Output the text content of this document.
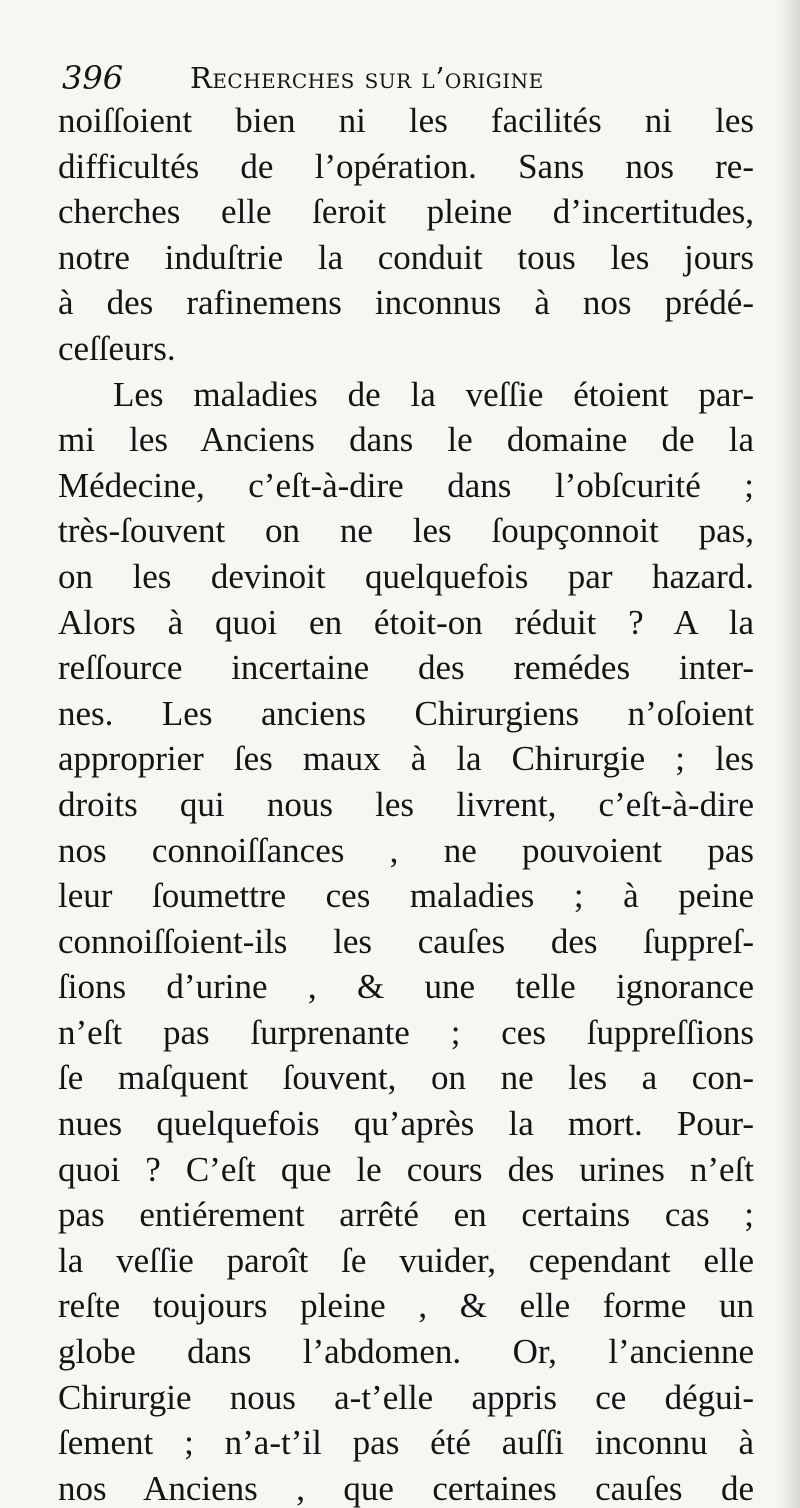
396 Recherches sur l’origine
noiſſoient bien ni les facilités ni les
difficultés de l’opération. Sans nos re-
cherches elle ſeroit pleine d’incertitudes,
notre induſtrie la conduit tous les jours
à des rafinemens inconnus à nos prédé-
ceſſeurs.
Les maladies de la veſſie étoient par-
mi les Anciens dans le domaine de la
Médecine, c’eſt-à-dire dans l’obſcurité ;
très-ſouvent on ne les ſoupçonnoit pas,
on les devinoit quelquefois par hazard.
Alors à quoi en étoit-on réduit ? A la
reſſource incertaine des remédes inter-
nes. Les anciens Chirurgiens n’oſoient
approprier ſes maux à la Chirurgie ; les
droits qui nous les livrent, c’eſt-à-dire
nos connoiſſances , ne pouvoient pas
leur ſoumettre ces maladies ; à peine
connoiſſoient-ils les cauſes des ſuppreſ-
ſions d’urine , & une telle ignorance
n’eſt pas ſurprenante ; ces ſuppreſſions
ſe maſquent ſouvent, on ne les a con-
nues quelquefois qu’après la mort. Pour-
quoi ? C’eſt que le cours des urines n’eſt
pas entiérement arrêté en certains cas ;
la veſſie paroît ſe vuider, cependant elle
reſte toujours pleine , & elle forme un
globe dans l’abdomen. Or, l’ancienne
Chirurgie nous a-t’elle appris ce dégui-
ſement ; n’a-t’il pas été auſſi inconnu à
nos Anciens , que certaines cauſes de
